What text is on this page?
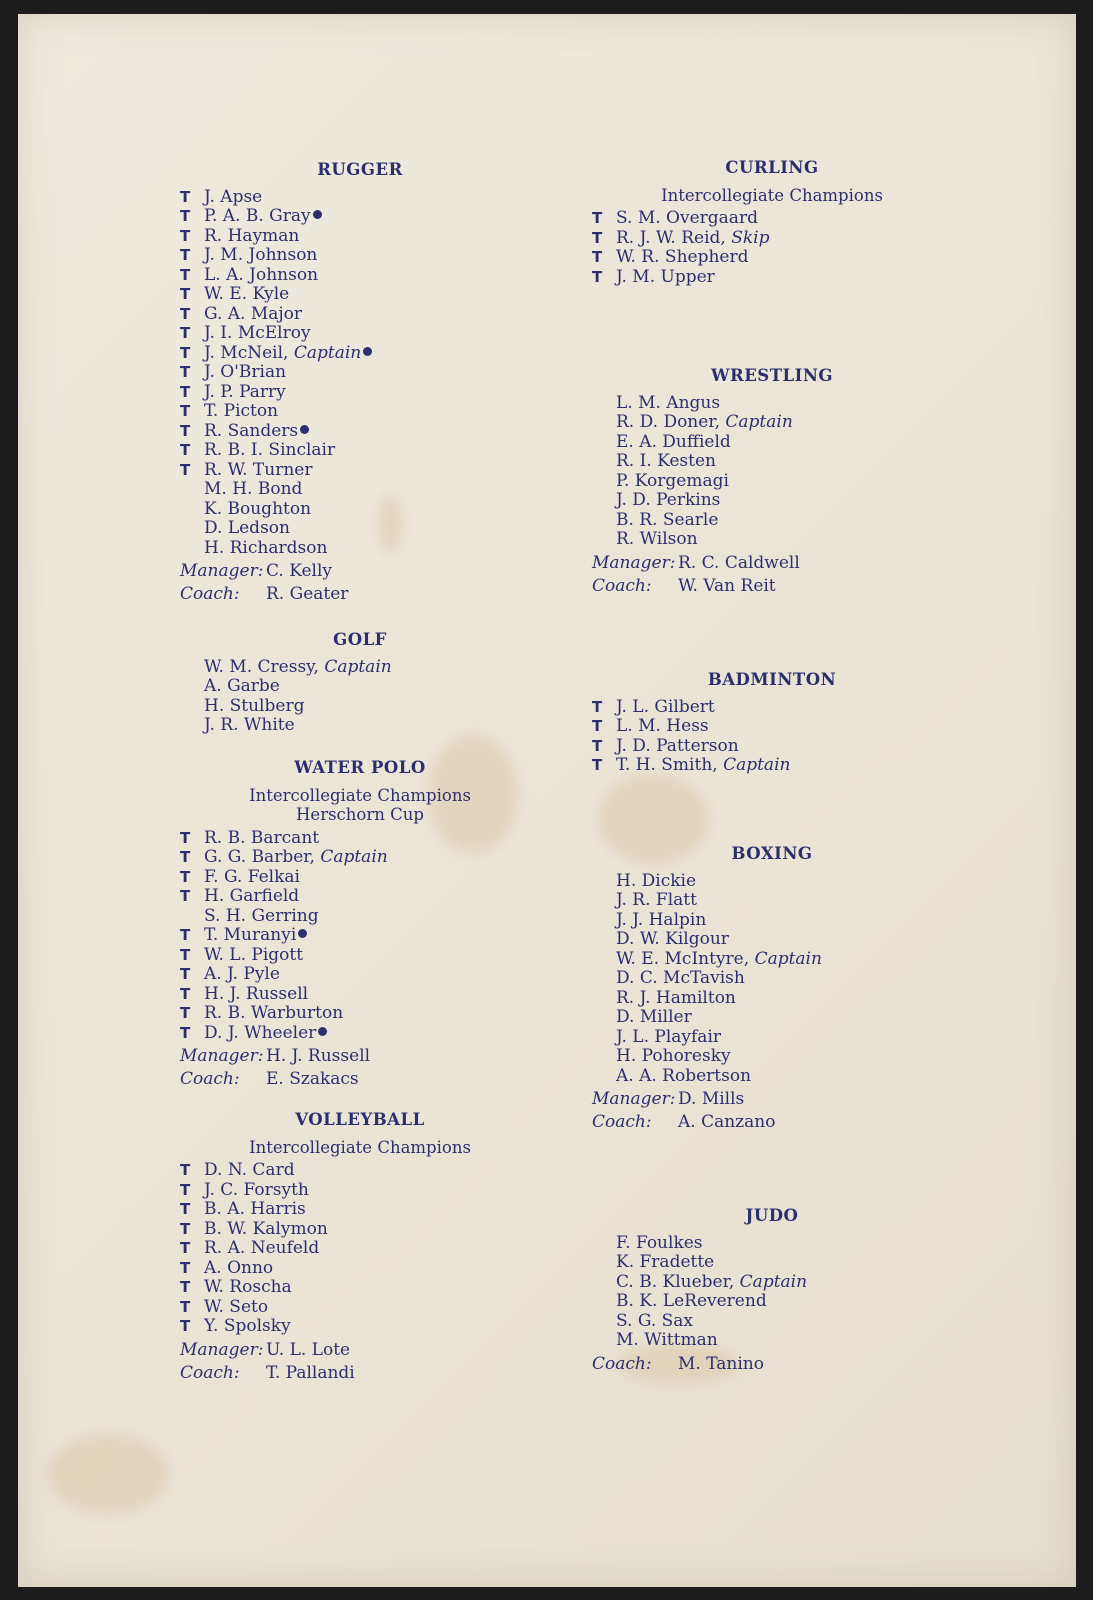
RUGGER
T J. Apse
T P. A. B. Gray
T R. Hayman
T J. M. Johnson
T L. A. Johnson
T W. E. Kyle
T G. A. Major
T J. I. McElroy
T J. McNeil, Captain
T J. O'Brian
T J. P. Parry
T T. Picton
T R. Sanders
T R. B. I. Sinclair
T R. W. Turner
M. H. Bond
K. Boughton
D. Ledson
H. Richardson
Manager: C. Kelly
Coach: R. Geater
GOLF
W. M. Cressy, Captain
A. Garbe
H. Stulberg
J. R. White
WATER POLO
Intercollegiate Champions
Herschorn Cup
T R. B. Barcant
T G. G. Barber, Captain
T F. G. Felkai
T H. Garfield
S. H. Gerring
T T. Muranyi
T W. L. Pigott
T A. J. Pyle
T H. J. Russell
T R. B. Warburton
T D. J. Wheeler
Manager: H. J. Russell
Coach: E. Szakacs
VOLLEYBALL
Intercollegiate Champions
T D. N. Card
T J. C. Forsyth
T B. A. Harris
T B. W. Kalymon
T R. A. Neufeld
T A. Onno
T W. Roscha
T W. Seto
T Y. Spolsky
Manager: U. L. Lote
Coach: T. Pallandi
CURLING
Intercollegiate Champions
T S. M. Overgaard
T R. J. W. Reid, Skip
T W. R. Shepherd
T J. M. Upper
WRESTLING
L. M. Angus
R. D. Doner, Captain
E. A. Duffield
R. I. Kesten
P. Korgemagi
J. D. Perkins
B. R. Searle
R. Wilson
Manager: R. C. Caldwell
Coach: W. Van Reit
BADMINTON
T J. L. Gilbert
T L. M. Hess
T J. D. Patterson
T T. H. Smith, Captain
BOXING
H. Dickie
J. R. Flatt
J. J. Halpin
D. W. Kilgour
W. E. McIntyre, Captain
D. C. McTavish
R. J. Hamilton
D. Miller
J. L. Playfair
H. Pohoresky
A. A. Robertson
Manager: D. Mills
Coach: A. Canzano
JUDO
F. Foulkes
K. Fradette
C. B. Klueber, Captain
B. K. LeReverend
S. G. Sax
M. Wittman
Coach: M. Tanino
